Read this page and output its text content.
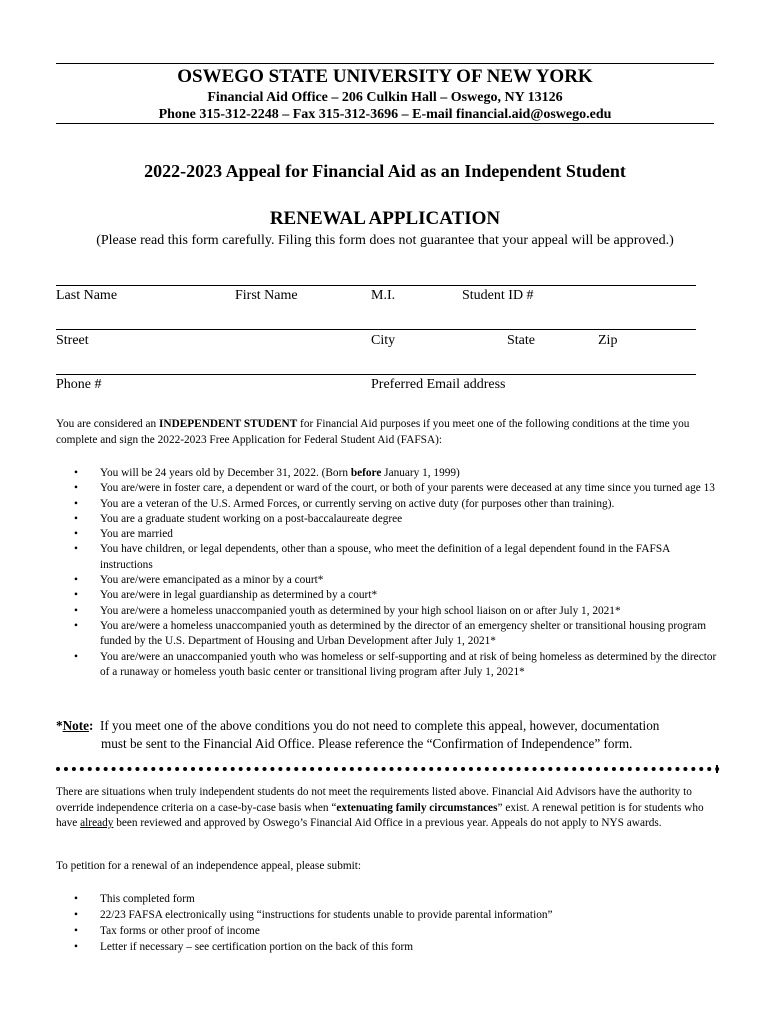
OSWEGO STATE UNIVERSITY OF NEW YORK
Financial Aid Office – 206 Culkin Hall – Oswego, NY 13126
Phone 315-312-2248 – Fax 315-312-3696 – E-mail financial.aid@oswego.edu
2022-2023 Appeal for Financial Aid as an Independent Student
RENEWAL APPLICATION
(Please read this form carefully. Filing this form does not guarantee that your appeal will be approved.)
Last Name	First Name	M.I.	Student ID #
Street	City	State	Zip
Phone #	Preferred Email address
You are considered an INDEPENDENT STUDENT for Financial Aid purposes if you meet one of the following conditions at the time you complete and sign the 2022-2023 Free Application for Federal Student Aid (FAFSA):
• You will be 24 years old by December 31, 2022. (Born before January 1, 1999)
• You are/were in foster care, a dependent or ward of the court, or both of your parents were deceased at any time since you turned age 13
• You are a veteran of the U.S. Armed Forces, or currently serving on active duty (for purposes other than training).
• You are a graduate student working on a post-baccalaureate degree
• You are married
• You have children, or legal dependents, other than a spouse, who meet the definition of a legal dependent found in the FAFSA instructions
• You are/were emancipated as a minor by a court*
• You are/were in legal guardianship as determined by a court*
• You are/were a homeless unaccompanied youth as determined by your high school liaison on or after July 1, 2021*
• You are/were a homeless unaccompanied youth as determined by the director of an emergency shelter or transitional housing program funded by the U.S. Department of Housing and Urban Development after July 1, 2021*
• You are/were an unaccompanied youth who was homeless or self-supporting and at risk of being homeless as determined by the director of a runaway or homeless youth basic center or transitional living program after July 1, 2021*
*Note: If you meet one of the above conditions you do not need to complete this appeal, however, documentation
must be sent to the Financial Aid Office. Please reference the “Confirmation of Independence” form.
There are situations when truly independent students do not meet the requirements listed above. Financial Aid Advisors have the authority to override independence criteria on a case-by-case basis when “extenuating family circumstances” exist. A renewal petition is for students who have already been reviewed and approved by Oswego’s Financial Aid Office in a previous year. Appeals do not apply to NYS awards.
To petition for a renewal of an independence appeal, please submit:
• This completed form
• 22/23 FAFSA electronically using “instructions for students unable to provide parental information”
• Tax forms or other proof of income
• Letter if necessary – see certification portion on the back of this form
